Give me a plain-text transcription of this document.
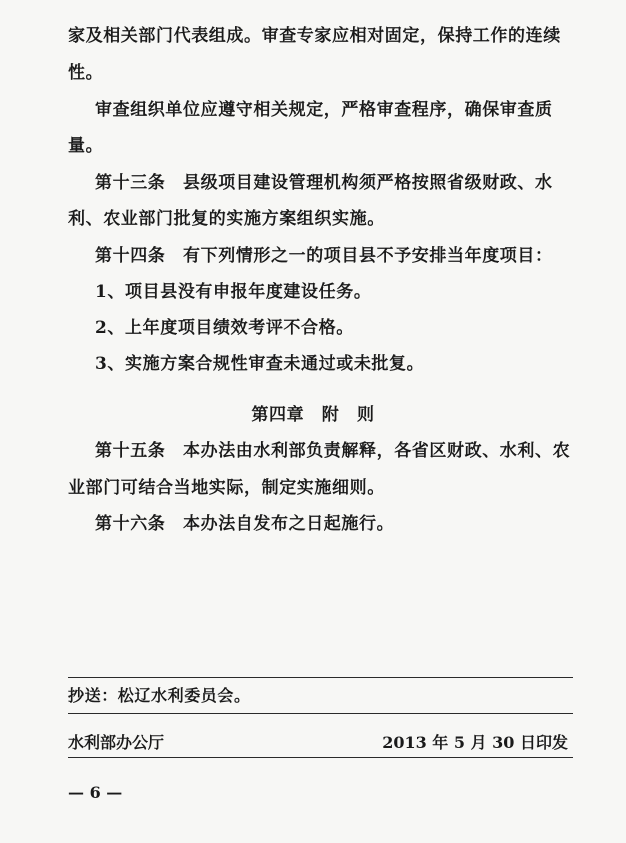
家及相关部门代表组成。审查专家应相对固定，保持工作的连续
性。
审查组织单位应遵守相关规定，严格审查程序，确保审查质
量。
第十三条　县级项目建设管理机构须严格按照省级财政、水
利、农业部门批复的实施方案组织实施。
第十四条　有下列情形之一的项目县不予安排当年度项目：
1、项目县没有申报年度建设任务。
2、上年度项目绩效考评不合格。
3、实施方案合规性审查未通过或未批复。
第四章　附　则
第十五条　本办法由水利部负责解释，各省区财政、水利、农
业部门可结合当地实际，制定实施细则。
第十六条　本办法自发布之日起施行。
抄送：松辽水利委员会。
水利部办公厅	2013 年 5 月 30 日印发
— 6 —
